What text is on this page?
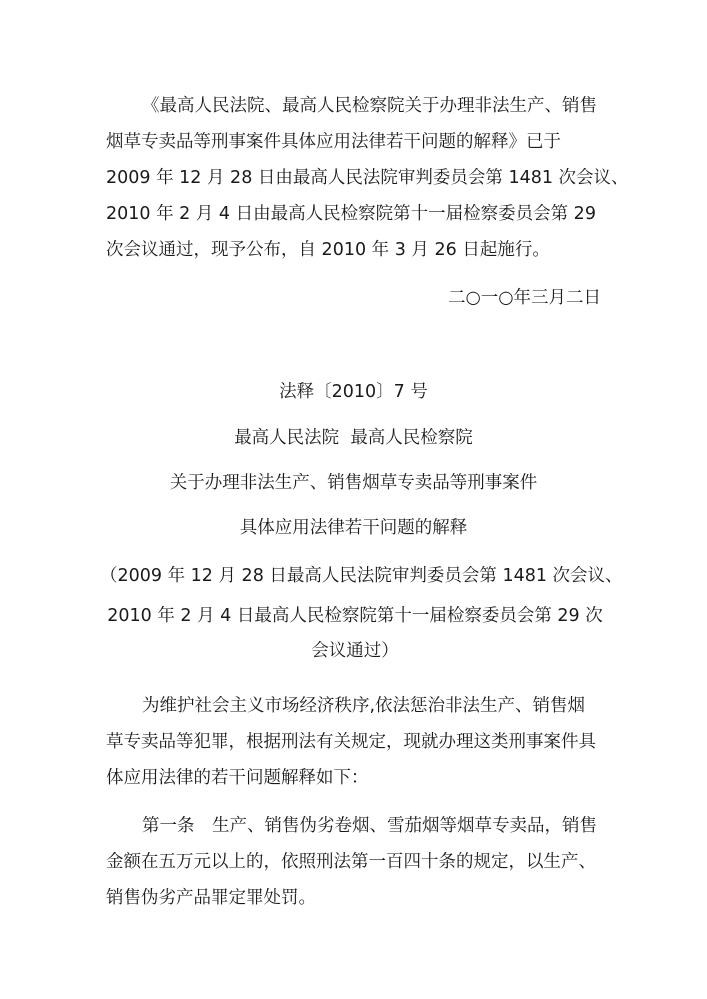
《最高人民法院、最高人民检察院关于办理非法生产、销售
烟草专卖品等刑事案件具体应用法律若干问题的解释》已于
2009 年 12 月 28 日由最高人民法院审判委员会第 1481 次会议、
2010 年 2 月 4 日由最高人民检察院第十一届检察委员会第 29
次会议通过，现予公布，自 2010 年 3 月 26 日起施行。

二○一○年三月二日

法释〔2010〕7 号

最高人民法院  最高人民检察院

关于办理非法生产、销售烟草专卖品等刑事案件

具体应用法律若干问题的解释

（2009 年 12 月 28 日最高人民法院审判委员会第 1481 次会议、
2010 年 2 月 4 日最高人民检察院第十一届检察委员会第 29 次
会议通过）

为维护社会主义市场经济秩序,依法惩治非法生产、销售烟
草专卖品等犯罪，根据刑法有关规定，现就办理这类刑事案件具
体应用法律的若干问题解释如下：

第一条　生产、销售伪劣卷烟、雪茄烟等烟草专卖品，销售
金额在五万元以上的，依照刑法第一百四十条的规定，以生产、
销售伪劣产品罪定罪处罚。
